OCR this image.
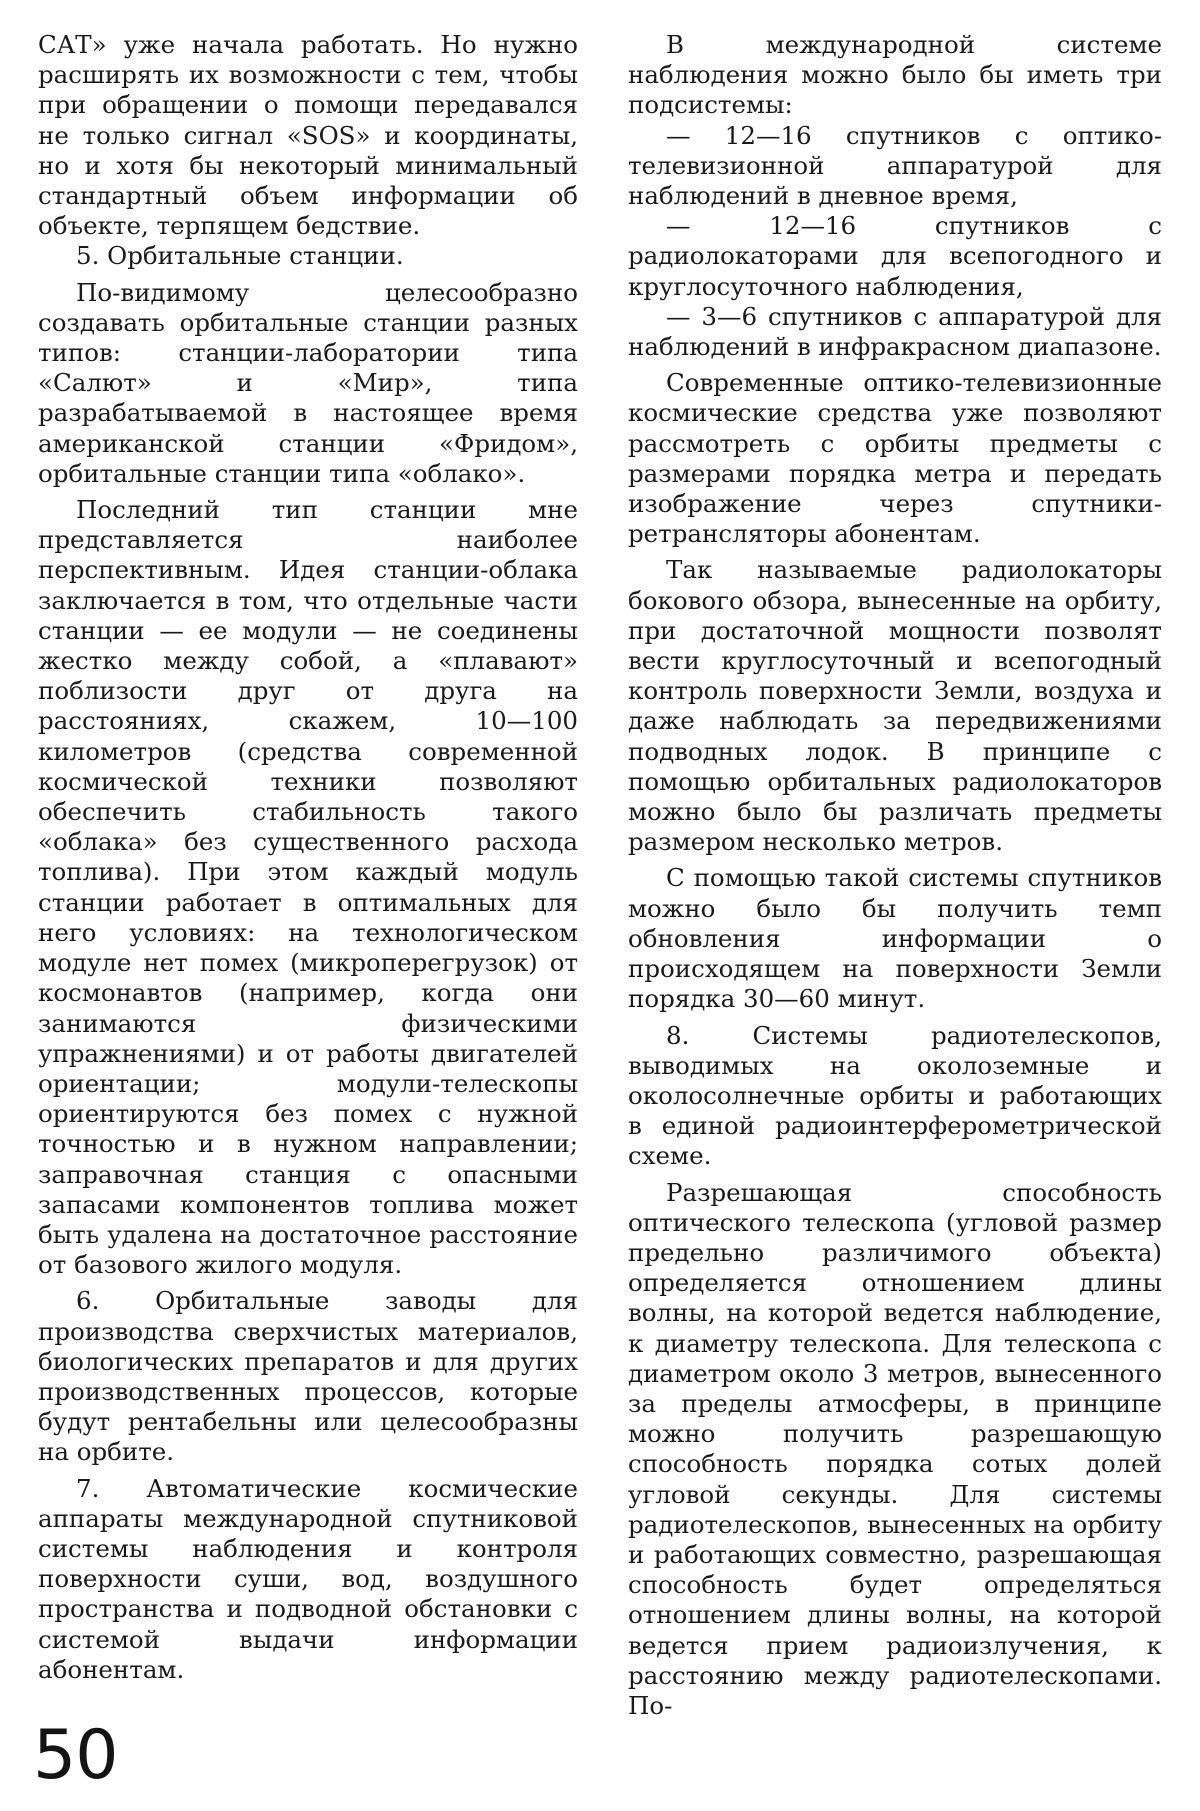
САТ» уже начала работать. Но нужно расширять их возможности с тем, чтобы при обращении о помощи передавался не только сигнал «SOS» и координаты, но и хотя бы некоторый минимальный стандартный объем информации об объекте, терпящем бедствие.

5. Орбитальные станции.

По-видимому целесообразно создавать орбитальные станции разных типов: станции-лаборатории типа «Салют» и «Мир», типа разрабатываемой в настоящее время американской станции «Фридом», орбитальные станции типа «облако».

Последний тип станции мне представляется наиболее перспективным. Идея станции-облака заключается в том, что отдельные части станции — ее модули — не соединены жестко между собой, а «плавают» поблизости друг от друга на расстояниях, скажем, 10—100 километров (средства современной космической техники позволяют обеспечить стабильность такого «облака» без существенного расхода топлива). При этом каждый модуль станции работает в оптимальных для него условиях: на технологическом модуле нет помех (микроперегрузок) от космонавтов (например, когда они занимаются физическими упражнениями) и от работы двигателей ориентации; модули-телескопы ориентируются без помех с нужной точностью и в нужном направлении; заправочная станция с опасными запасами компонентов топлива может быть удалена на достаточное расстояние от базового жилого модуля.

6. Орбитальные заводы для производства сверхчистых материалов, биологических препаратов и для других производственных процессов, которые будут рентабельны или целесообразны на орбите.

7. Автоматические космические аппараты международной спутниковой системы наблюдения и контроля поверхности суши, вод, воздушного пространства и подводной обстановки с системой выдачи информации абонентам.

В международной системе наблюдения можно было бы иметь три подсистемы:

— 12—16 спутников с оптико-телевизионной аппаратурой для наблюдений в дневное время,

— 12—16 спутников с радиолокаторами для всепогодного и круглосуточного наблюдения,

— 3—6 спутников с аппаратурой для наблюдений в инфракрасном диапазоне.

Современные оптико-телевизионные космические средства уже позволяют рассмотреть с орбиты предметы с размерами порядка метра и передать изображение через спутники-ретрансляторы абонентам.

Так называемые радиолокаторы бокового обзора, вынесенные на орбиту, при достаточной мощности позволят вести круглосуточный и всепогодный контроль поверхности Земли, воздуха и даже наблюдать за передвижениями подводных лодок. В принципе с помощью орбитальных радиолокаторов можно было бы различать предметы размером несколько метров.

С помощью такой системы спутников можно было бы получить темп обновления информации о происходящем на поверхности Земли порядка 30—60 минут.

8. Системы радиотелескопов, выводимых на околоземные и околосолнечные орбиты и работающих в единой радиоинтерферометрической схеме.

Разрешающая способность оптического телескопа (угловой размер предельно различимого объекта) определяется отношением длины волны, на которой ведется наблюдение, к диаметру телескопа. Для телескопа с диаметром около 3 метров, вынесенного за пределы атмосферы, в принципе можно получить разрешающую способность порядка сотых долей угловой секунды. Для системы радиотелескопов, вынесенных на орбиту и работающих совместно, разрешающая способность будет определяться отношением длины волны, на которой ведется прием радиоизлучения, к расстоянию между радиотелескопами. По-

50
